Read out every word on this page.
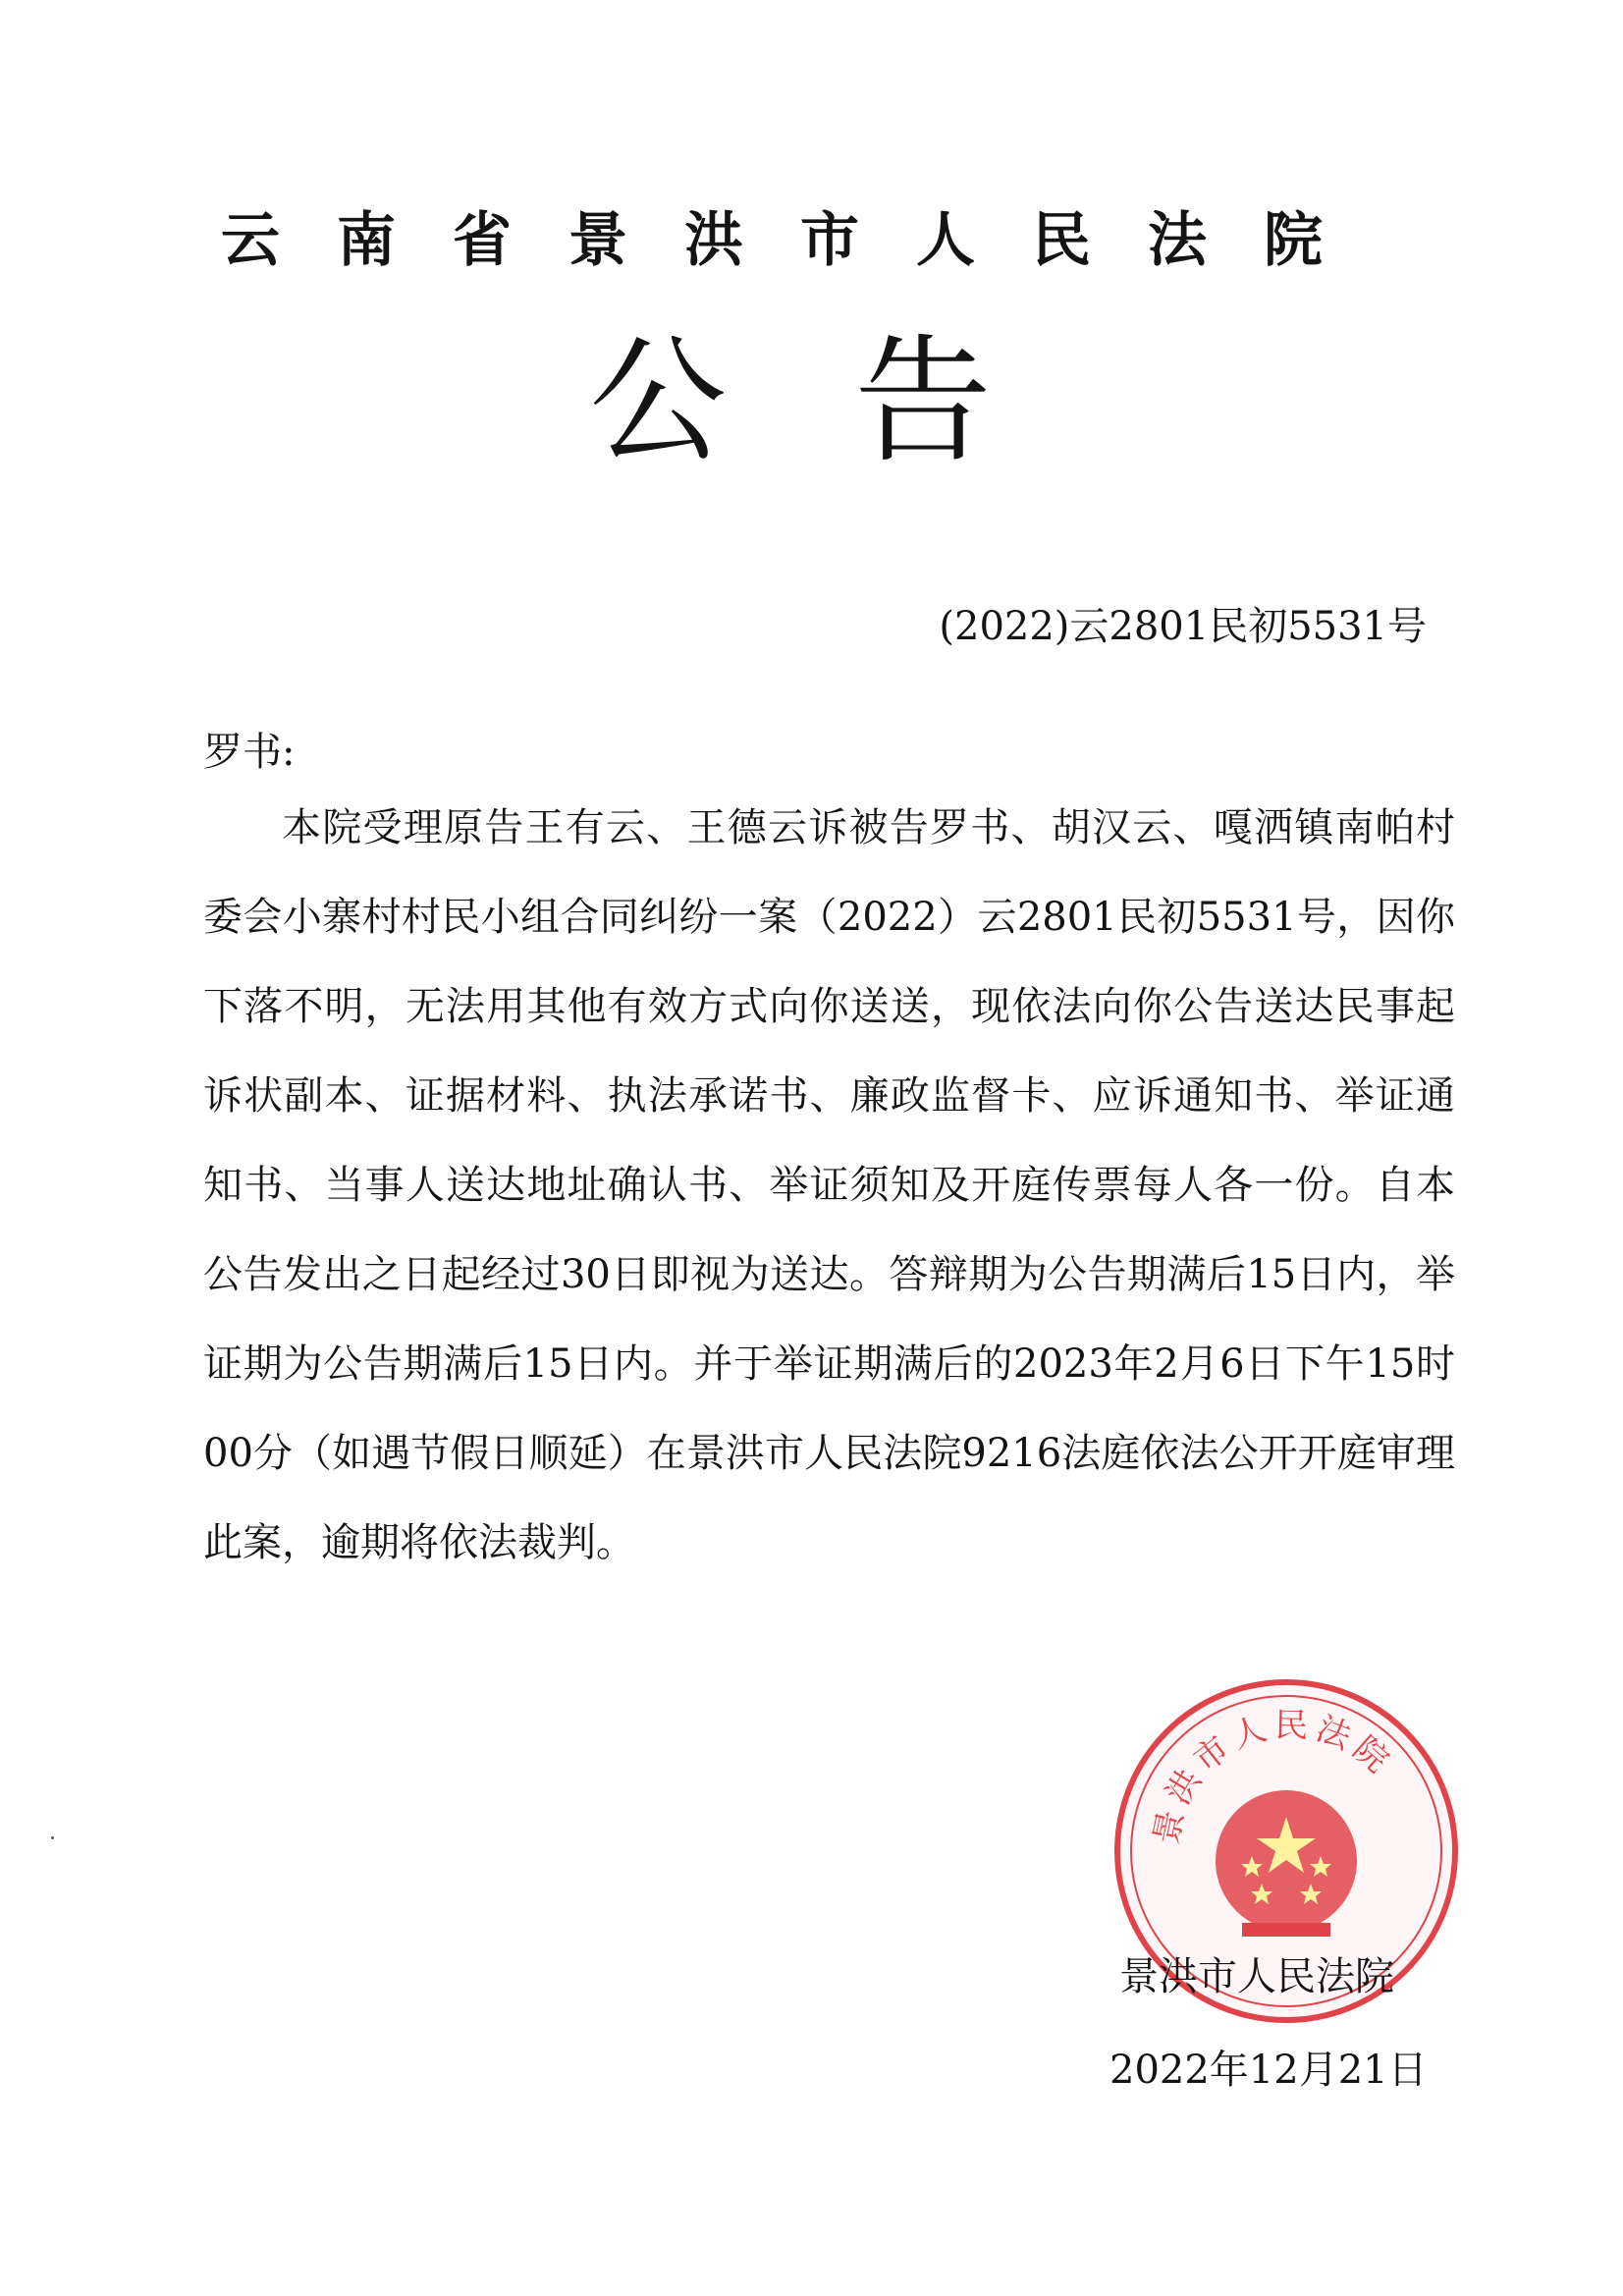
云南省景洪市人民法院
公告
(2022)云2801民初5531号
罗书:

本院受理原告王有云、王德云诉被告罗书、胡汉云、嘎洒镇南帕村委会小寨村村民小组合同纠纷一案（2022）云2801民初5531号，因你下落不明，无法用其他有效方式向你送送，现依法向你公告送达民事起诉状副本、证据材料、执法承诺书、廉政监督卡、应诉通知书、举证通知书、当事人送达地址确认书、举证须知及开庭传票每人各一份。自本公告发出之日起经过30日即视为送达。答辩期为公告期满后15日内，举证期为公告期满后15日内。并于举证期满后的2023年2月6日下午15时00分（如遇节假日顺延）在景洪市人民法院9216法庭依法公开开庭审理此案，逾期将依法裁判。

景洪市人民法院
景洪市人民法院
2022年12月21日
